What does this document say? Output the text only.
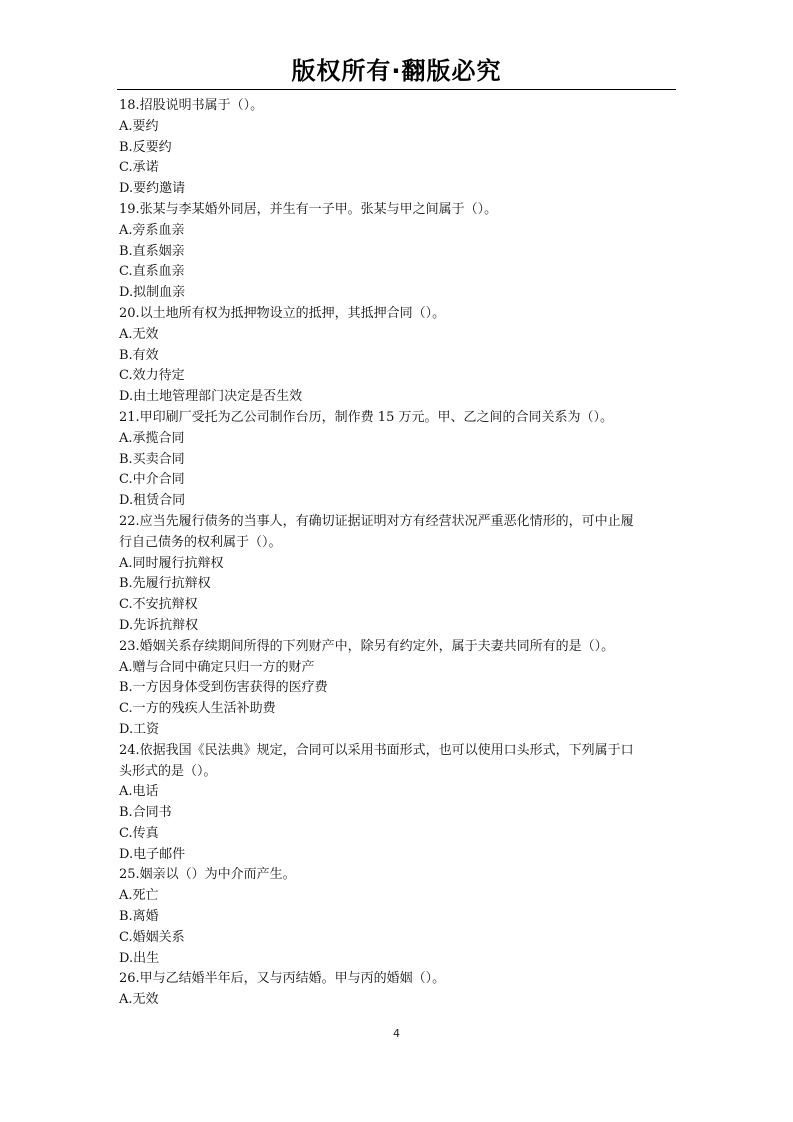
版权所有·翻版必究
18.招股说明书属于（）。
A.要约
B.反要约
C.承诺
D.要约邀请
19.张某与李某婚外同居，并生有一子甲。张某与甲之间属于（）。
A.旁系血亲
B.直系姻亲
C.直系血亲
D.拟制血亲
20.以土地所有权为抵押物设立的抵押，其抵押合同（）。
A.无效
B.有效
C.效力待定
D.由土地管理部门决定是否生效
21.甲印刷厂受托为乙公司制作台历，制作费 15 万元。甲、乙之间的合同关系为（）。
A.承揽合同
B.买卖合同
C.中介合同
D.租赁合同
22.应当先履行债务的当事人，有确切证据证明对方有经营状况严重恶化情形的，可中止履
行自己债务的权利属于（）。
A.同时履行抗辩权
B.先履行抗辩权
C.不安抗辩权
D.先诉抗辩权
23.婚姻关系存续期间所得的下列财产中，除另有约定外，属于夫妻共同所有的是（）。
A.赠与合同中确定只归一方的财产
B.一方因身体受到伤害获得的医疗费
C.一方的残疾人生活补助费
D.工资
24.依据我国《民法典》规定，合同可以采用书面形式，也可以使用口头形式，下列属于口
头形式的是（）。
A.电话
B.合同书
C.传真
D.电子邮件
25.姻亲以（）为中介而产生。
A.死亡
B.离婚
C.婚姻关系
D.出生
26.甲与乙结婚半年后，又与丙结婚。甲与丙的婚姻（）。
A.无效
4
